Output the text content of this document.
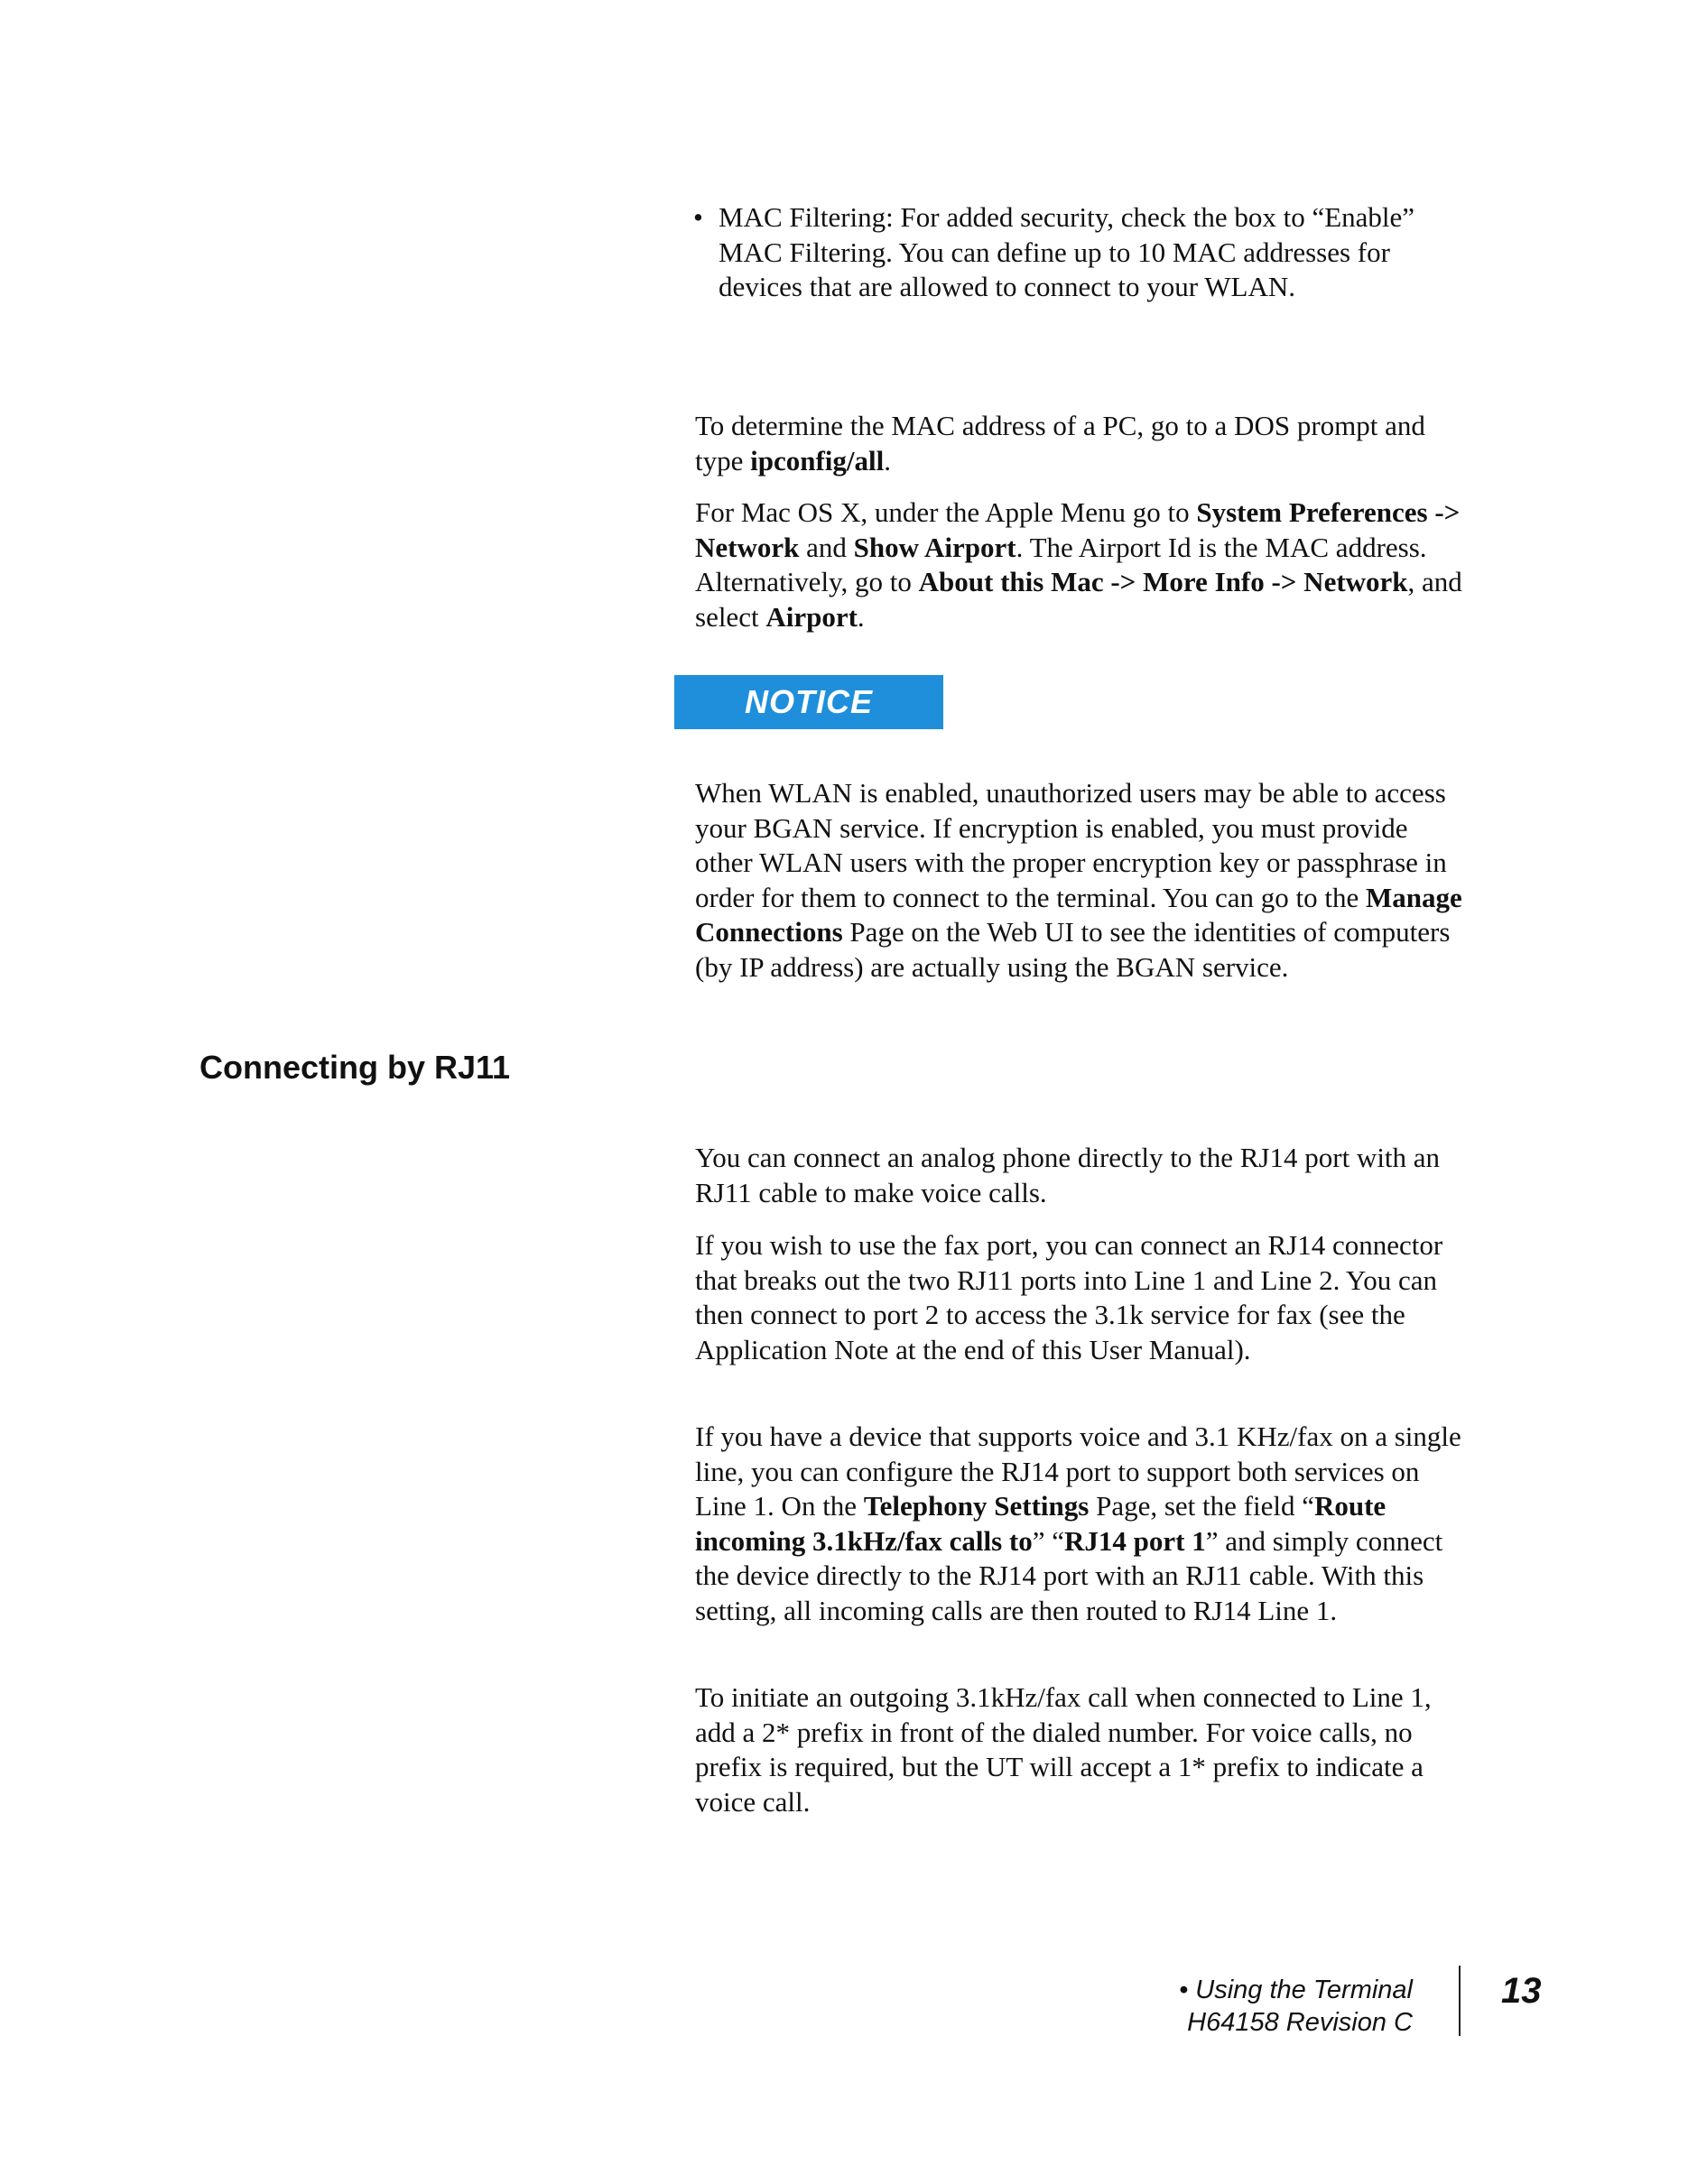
• MAC Filtering: For added security, check the box to “Enable” MAC Filtering. You can define up to 10 MAC addresses for devices that are allowed to connect to your WLAN.

To determine the MAC address of a PC, go to a DOS prompt and type ipconfig/all.

For Mac OS X, under the Apple Menu go to System Preferences -> Network and Show Airport. The Airport Id is the MAC address. Alternatively, go to About this Mac -> More Info -> Network, and select Airport.

NOTICE

When WLAN is enabled, unauthorized users may be able to access your BGAN service. If encryption is enabled, you must provide other WLAN users with the proper encryption key or passphrase in order for them to connect to the terminal. You can go to the Manage Connections Page on the Web UI to see the identities of computers (by IP address) are actually using the BGAN service.

Connecting by RJ11

You can connect an analog phone directly to the RJ14 port with an RJ11 cable to make voice calls.

If you wish to use the fax port, you can connect an RJ14 connector that breaks out the two RJ11 ports into Line 1 and Line 2. You can then connect to port 2 to access the 3.1k service for fax (see the Application Note at the end of this User Manual).

If you have a device that supports voice and 3.1 KHz/fax on a single line, you can configure the RJ14 port to support both services on Line 1. On the Telephony Settings Page, set the field “Route incoming 3.1kHz/fax calls to” “RJ14 port 1” and simply connect the device directly to the RJ14 port with an RJ11 cable. With this setting, all incoming calls are then routed to RJ14 Line 1.

To initiate an outgoing 3.1kHz/fax call when connected to Line 1, add a 2* prefix in front of the dialed number. For voice calls, no prefix is required, but the UT will accept a 1* prefix to indicate a voice call.

• Using the Terminal
H64158 Revision C
13
